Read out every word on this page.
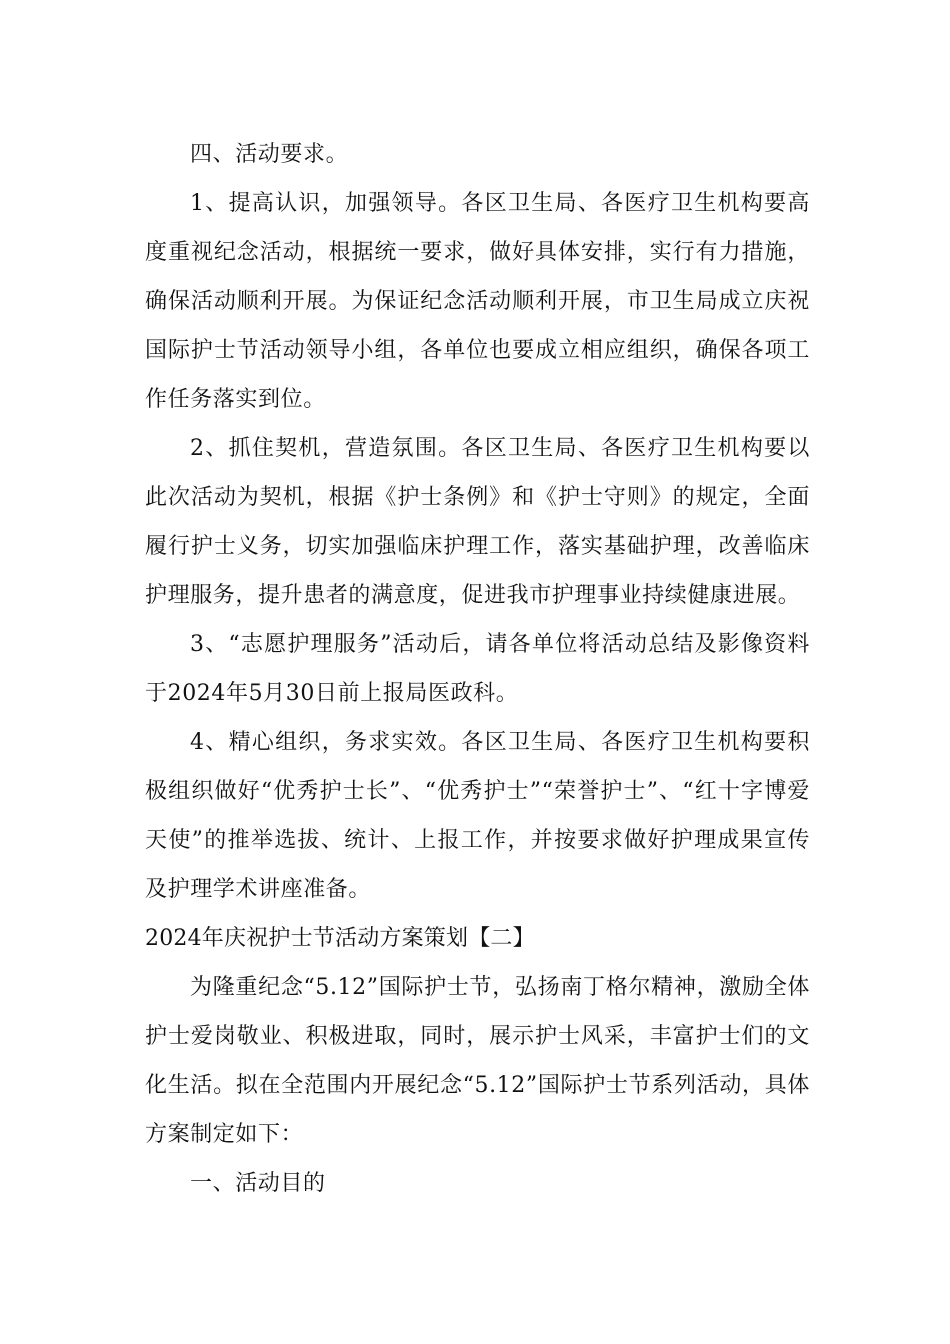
四、活动要求。

1、提高认识，加强领导。各区卫生局、各医疗卫生机构要高度重视纪念活动，根据统一要求，做好具体安排，实行有力措施，确保活动顺利开展。为保证纪念活动顺利开展，市卫生局成立庆祝国际护士节活动领导小组，各单位也要成立相应组织，确保各项工作任务落实到位。

2、抓住契机，营造氛围。各区卫生局、各医疗卫生机构要以此次活动为契机，根据《护士条例》和《护士守则》的规定，全面履行护士义务，切实加强临床护理工作，落实基础护理，改善临床护理服务，提升患者的满意度，促进我市护理事业持续健康进展。

3、“志愿护理服务”活动后，请各单位将活动总结及影像资料于2024年5月30日前上报局医政科。

4、精心组织，务求实效。各区卫生局、各医疗卫生机构要积极组织做好“优秀护士长”、“优秀护士”“荣誉护士”、“红十字博爱天使”的推举选拔、统计、上报工作，并按要求做好护理成果宣传及护理学术讲座准备。

2024年庆祝护士节活动方案策划【二】

为隆重纪念“5.12”国际护士节，弘扬南丁格尔精神，激励全体护士爱岗敬业、积极进取，同时，展示护士风采，丰富护士们的文化生活。拟在全范围内开展纪念“5.12”国际护士节系列活动，具体方案制定如下：

一、活动目的
